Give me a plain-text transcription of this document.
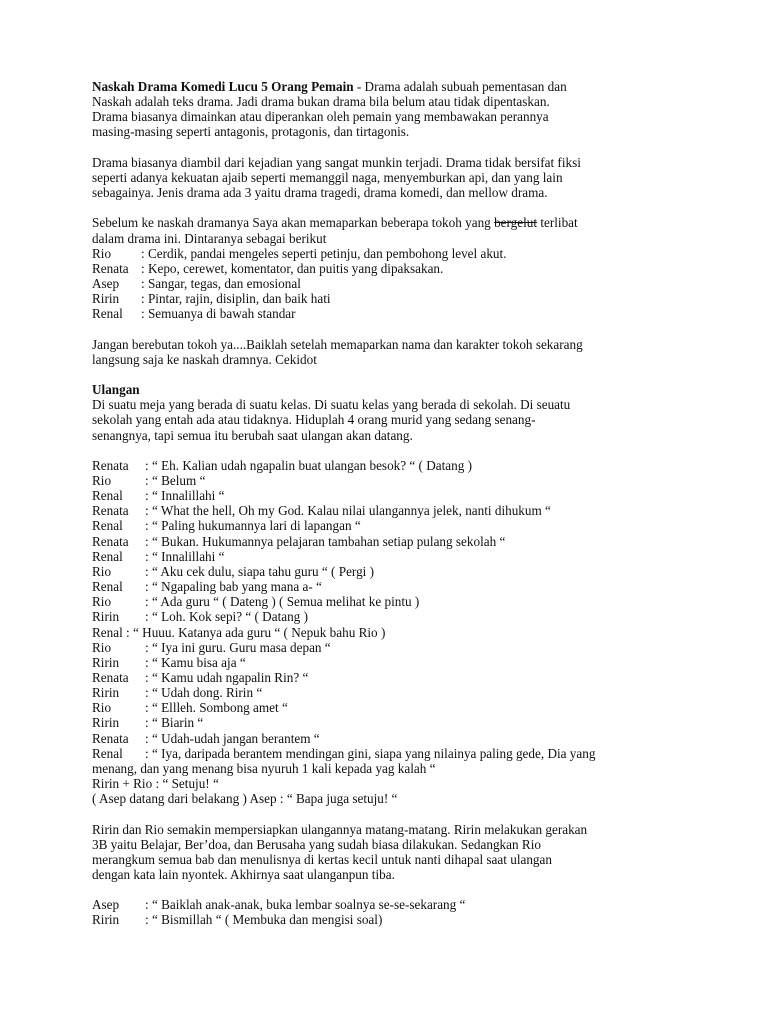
Naskah Drama Komedi Lucu 5 Orang Pemain - Drama adalah subuah pementasan dan

Naskah adalah teks drama. Jadi drama bukan drama bila belum atau tidak dipentaskan.

Drama biasanya dimainkan atau diperankan oleh pemain yang membawakan perannya

masing-masing seperti antagonis, protagonis, dan tirtagonis.

Drama biasanya diambil dari kejadian yang sangat munkin terjadi. Drama tidak bersifat fiksi

seperti adanya kekuatan ajaib seperti memanggil naga, menyemburkan api, dan yang lain

sebagainya. Jenis drama ada 3 yaitu drama tragedi, drama komedi, dan mellow drama.

Sebelum ke naskah dramanya Saya akan memaparkan beberapa tokoh yang bergelut terlibat

dalam drama ini. Dintaranya sebagai berikut

Rio	: Cerdik, pandai mengeles seperti petinju, dan pembohong level akut.
Renata : Kepo, cerewet, komentator, dan puitis yang dipaksakan.
Asep	: Sangar, tegas, dan emosional
Ririn	: Pintar, rajin, disiplin, dan baik hati
Renal	: Semuanya di bawah standar

Jangan berebutan tokoh ya....Baiklah setelah memaparkan nama dan karakter tokoh sekarang

langsung saja ke naskah dramnya. Cekidot

Ulangan

Di suatu meja yang berada di suatu kelas. Di suatu kelas yang berada di sekolah. Di seuatu

sekolah yang entah ada atau tidaknya. Hiduplah 4 orang murid yang sedang senang-

senangnya, tapi semua itu berubah saat ulangan akan datang.

Renata	: “ Eh. Kalian udah ngapalin buat ulangan besok? “ ( Datang )
Rio	: “ Belum “
Renal	: “ Innalillahi “
Renata	: “ What the hell, Oh my God. Kalau nilai ulangannya jelek, nanti dihukum “
Renal	: “ Paling hukumannya lari di lapangan “
Renata	: “ Bukan. Hukumannya pelajaran tambahan setiap pulang sekolah “
Renal	: “ Innalillahi “
Rio	: “ Aku cek dulu, siapa tahu guru “ ( Pergi )
Renal	: “ Ngapaling bab yang mana a- “
Rio	: “ Ada guru “ ( Dateng ) ( Semua melihat ke pintu )
Ririn	: “ Loh. Kok sepi? “ ( Datang )

Renal : “ Huuu. Katanya ada guru “ ( Nepuk bahu Rio )

Rio	: “ Iya ini guru. Guru masa depan “
Ririn	: “ Kamu bisa aja “
Renata	: “ Kamu udah ngapalin Rin? “
Ririn	: “ Udah dong. Ririn “
Rio	: “ Ellleh. Sombong amet “
Ririn	: “ Biarin “
Renata	: “ Udah-udah jangan berantem “
Renal	: “ Iya, daripada berantem mendingan gini, siapa yang nilainya paling gede, Dia yang

menang, dan yang menang bisa nyuruh 1 kali kepada yag kalah “

Ririn + Rio : “ Setuju! “

( Asep datang dari belakang ) Asep : “ Bapa juga setuju! “

Ririn dan Rio semakin mempersiapkan ulangannya matang-matang. Ririn melakukan gerakan

3B yaitu Belajar, Ber’doa, dan Berusaha yang sudah biasa dilakukan. Sedangkan Rio

merangkum semua bab dan menulisnya di kertas kecil untuk nanti dihapal saat ulangan

dengan kata lain nyontek. Akhirnya saat ulanganpun tiba.

Asep	: “ Baiklah anak-anak, buka lembar soalnya se-se-sekarang “
Ririn	: “ Bismillah “ ( Membuka dan mengisi soal)
